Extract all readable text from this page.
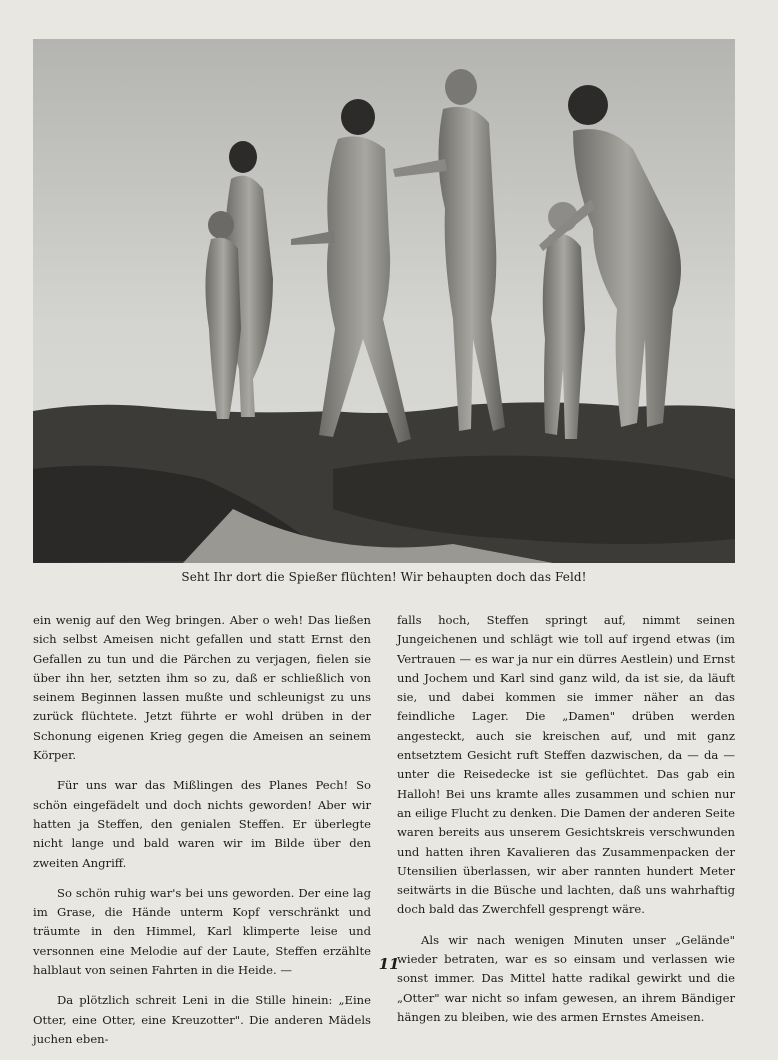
Seht Ihr dort die Spießer flüchten! Wir behaupten doch das Feld!

ein wenig auf den Weg bringen. Aber o weh! Das ließen sich selbst Ameisen nicht gefallen und statt Ernst den Gefallen zu tun und die Pärchen zu verjagen, fielen sie über ihn her, setzten ihm so zu, daß er schließlich von seinem Beginnen lassen mußte und schleunigst zu uns zurück flüchtete. Jetzt führte er wohl drüben in der Schonung eigenen Krieg gegen die Ameisen an seinem Körper.

Für uns war das Mißlingen des Planes Pech! So schön eingefädelt und doch nichts geworden! Aber wir hatten ja Steffen, den genialen Steffen. Er überlegte nicht lange und bald waren wir im Bilde über den zweiten Angriff.

So schön ruhig war's bei uns geworden. Der eine lag im Grase, die Hände unterm Kopf verschränkt und träumte in den Himmel, Karl klimperte leise und versonnen eine Melodie auf der Laute, Steffen erzählte halblaut von seinen Fahrten in die Heide. —

Da plötzlich schreit Leni in die Stille hinein: „Eine Otter, eine Otter, eine Kreuzotter". Die anderen Mädels juchen eben-

falls hoch, Steffen springt auf, nimmt seinen Jungeichenen und schlägt wie toll auf irgend etwas (im Vertrauen — es war ja nur ein dürres Aestlein) und Ernst und Jochem und Karl sind ganz wild, da ist sie, da läuft sie, und dabei kommen sie immer näher an das feindliche Lager. Die „Damen" drüben werden angesteckt, auch sie kreischen auf, und mit ganz entsetztem Gesicht ruft Steffen dazwischen, da — da — unter die Reisedecke ist sie geflüchtet. Das gab ein Halloh! Bei uns kramte alles zusammen und schien nur an eilige Flucht zu denken. Die Damen der anderen Seite waren bereits aus unserem Gesichtskreis verschwunden und hatten ihren Kavalieren das Zusammenpacken der Utensilien überlassen, wir aber rannten hundert Meter seitwärts in die Büsche und lachten, daß uns wahrhaftig doch bald das Zwerchfell gesprengt wäre.

Als wir nach wenigen Minuten unser „Gelände" wieder betraten, war es so einsam und verlassen wie sonst immer. Das Mittel hatte radikal gewirkt und die „Otter" war nicht so infam gewesen, an ihrem Bändiger hängen zu bleiben, wie des armen Ernstes Ameisen.

11
